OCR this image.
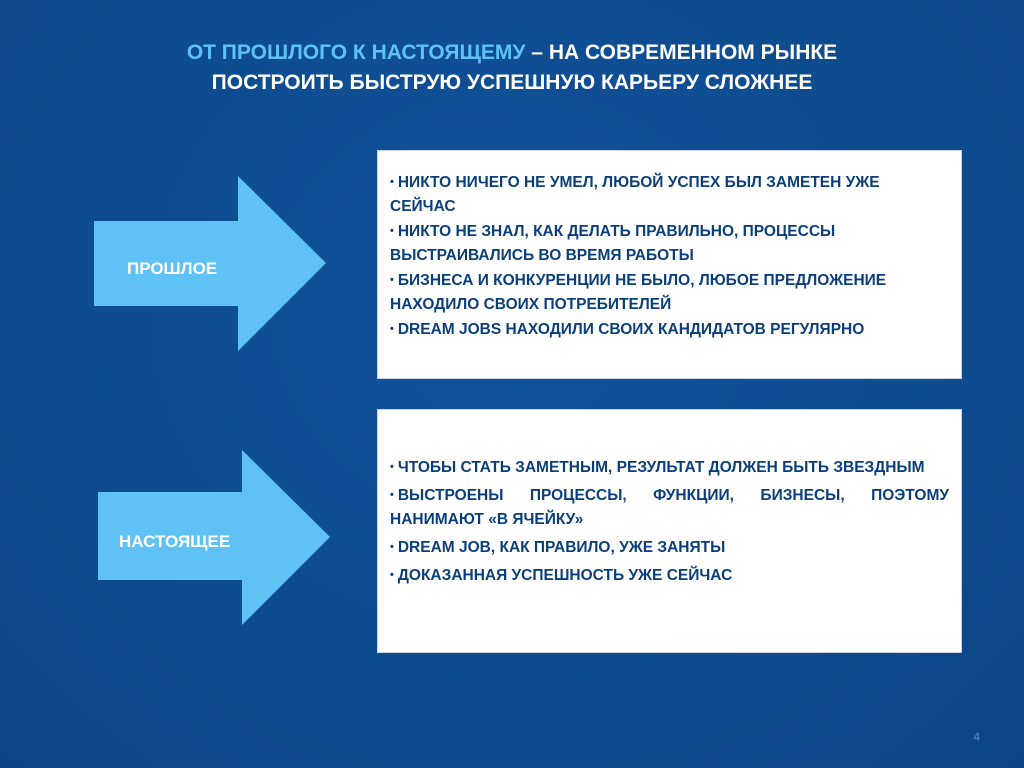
ОТ ПРОШЛОГО К НАСТОЯЩЕМУ – НА СОВРЕМЕННОМ РЫНКЕ
ПОСТРОИТЬ БЫСТРУЮ УСПЕШНУЮ КАРЬЕРУ СЛОЖНЕЕ
ПРОШЛОЕ
• НИКТО НИЧЕГО НЕ УМЕЛ, ЛЮБОЙ УСПЕХ БЫЛ ЗАМЕТЕН УЖЕ СЕЙЧАС
• НИКТО НЕ ЗНАЛ, КАК ДЕЛАТЬ ПРАВИЛЬНО, ПРОЦЕССЫ ВЫСТРАИВАЛИСЬ ВО ВРЕМЯ РАБОТЫ
• БИЗНЕСА И КОНКУРЕНЦИИ НЕ БЫЛО, ЛЮБОЕ ПРЕДЛОЖЕНИЕ НАХОДИЛО СВОИХ ПОТРЕБИТЕЛЕЙ
• DREAM JOBS НАХОДИЛИ СВОИХ КАНДИДАТОВ РЕГУЛЯРНО
НАСТОЯЩЕЕ
• ЧТОБЫ СТАТЬ ЗАМЕТНЫМ, РЕЗУЛЬТАТ ДОЛЖЕН БЫТЬ ЗВЕЗДНЫМ
• ВЫСТРОЕНЫ ПРОЦЕССЫ, ФУНКЦИИ, БИЗНЕСЫ, ПОЭТОМУ НАНИМАЮТ «В ЯЧЕЙКУ»
• DREAM JOB, КАК ПРАВИЛО, УЖЕ ЗАНЯТЫ
• ДОКАЗАННАЯ УСПЕШНОСТЬ УЖЕ СЕЙЧАС
4
